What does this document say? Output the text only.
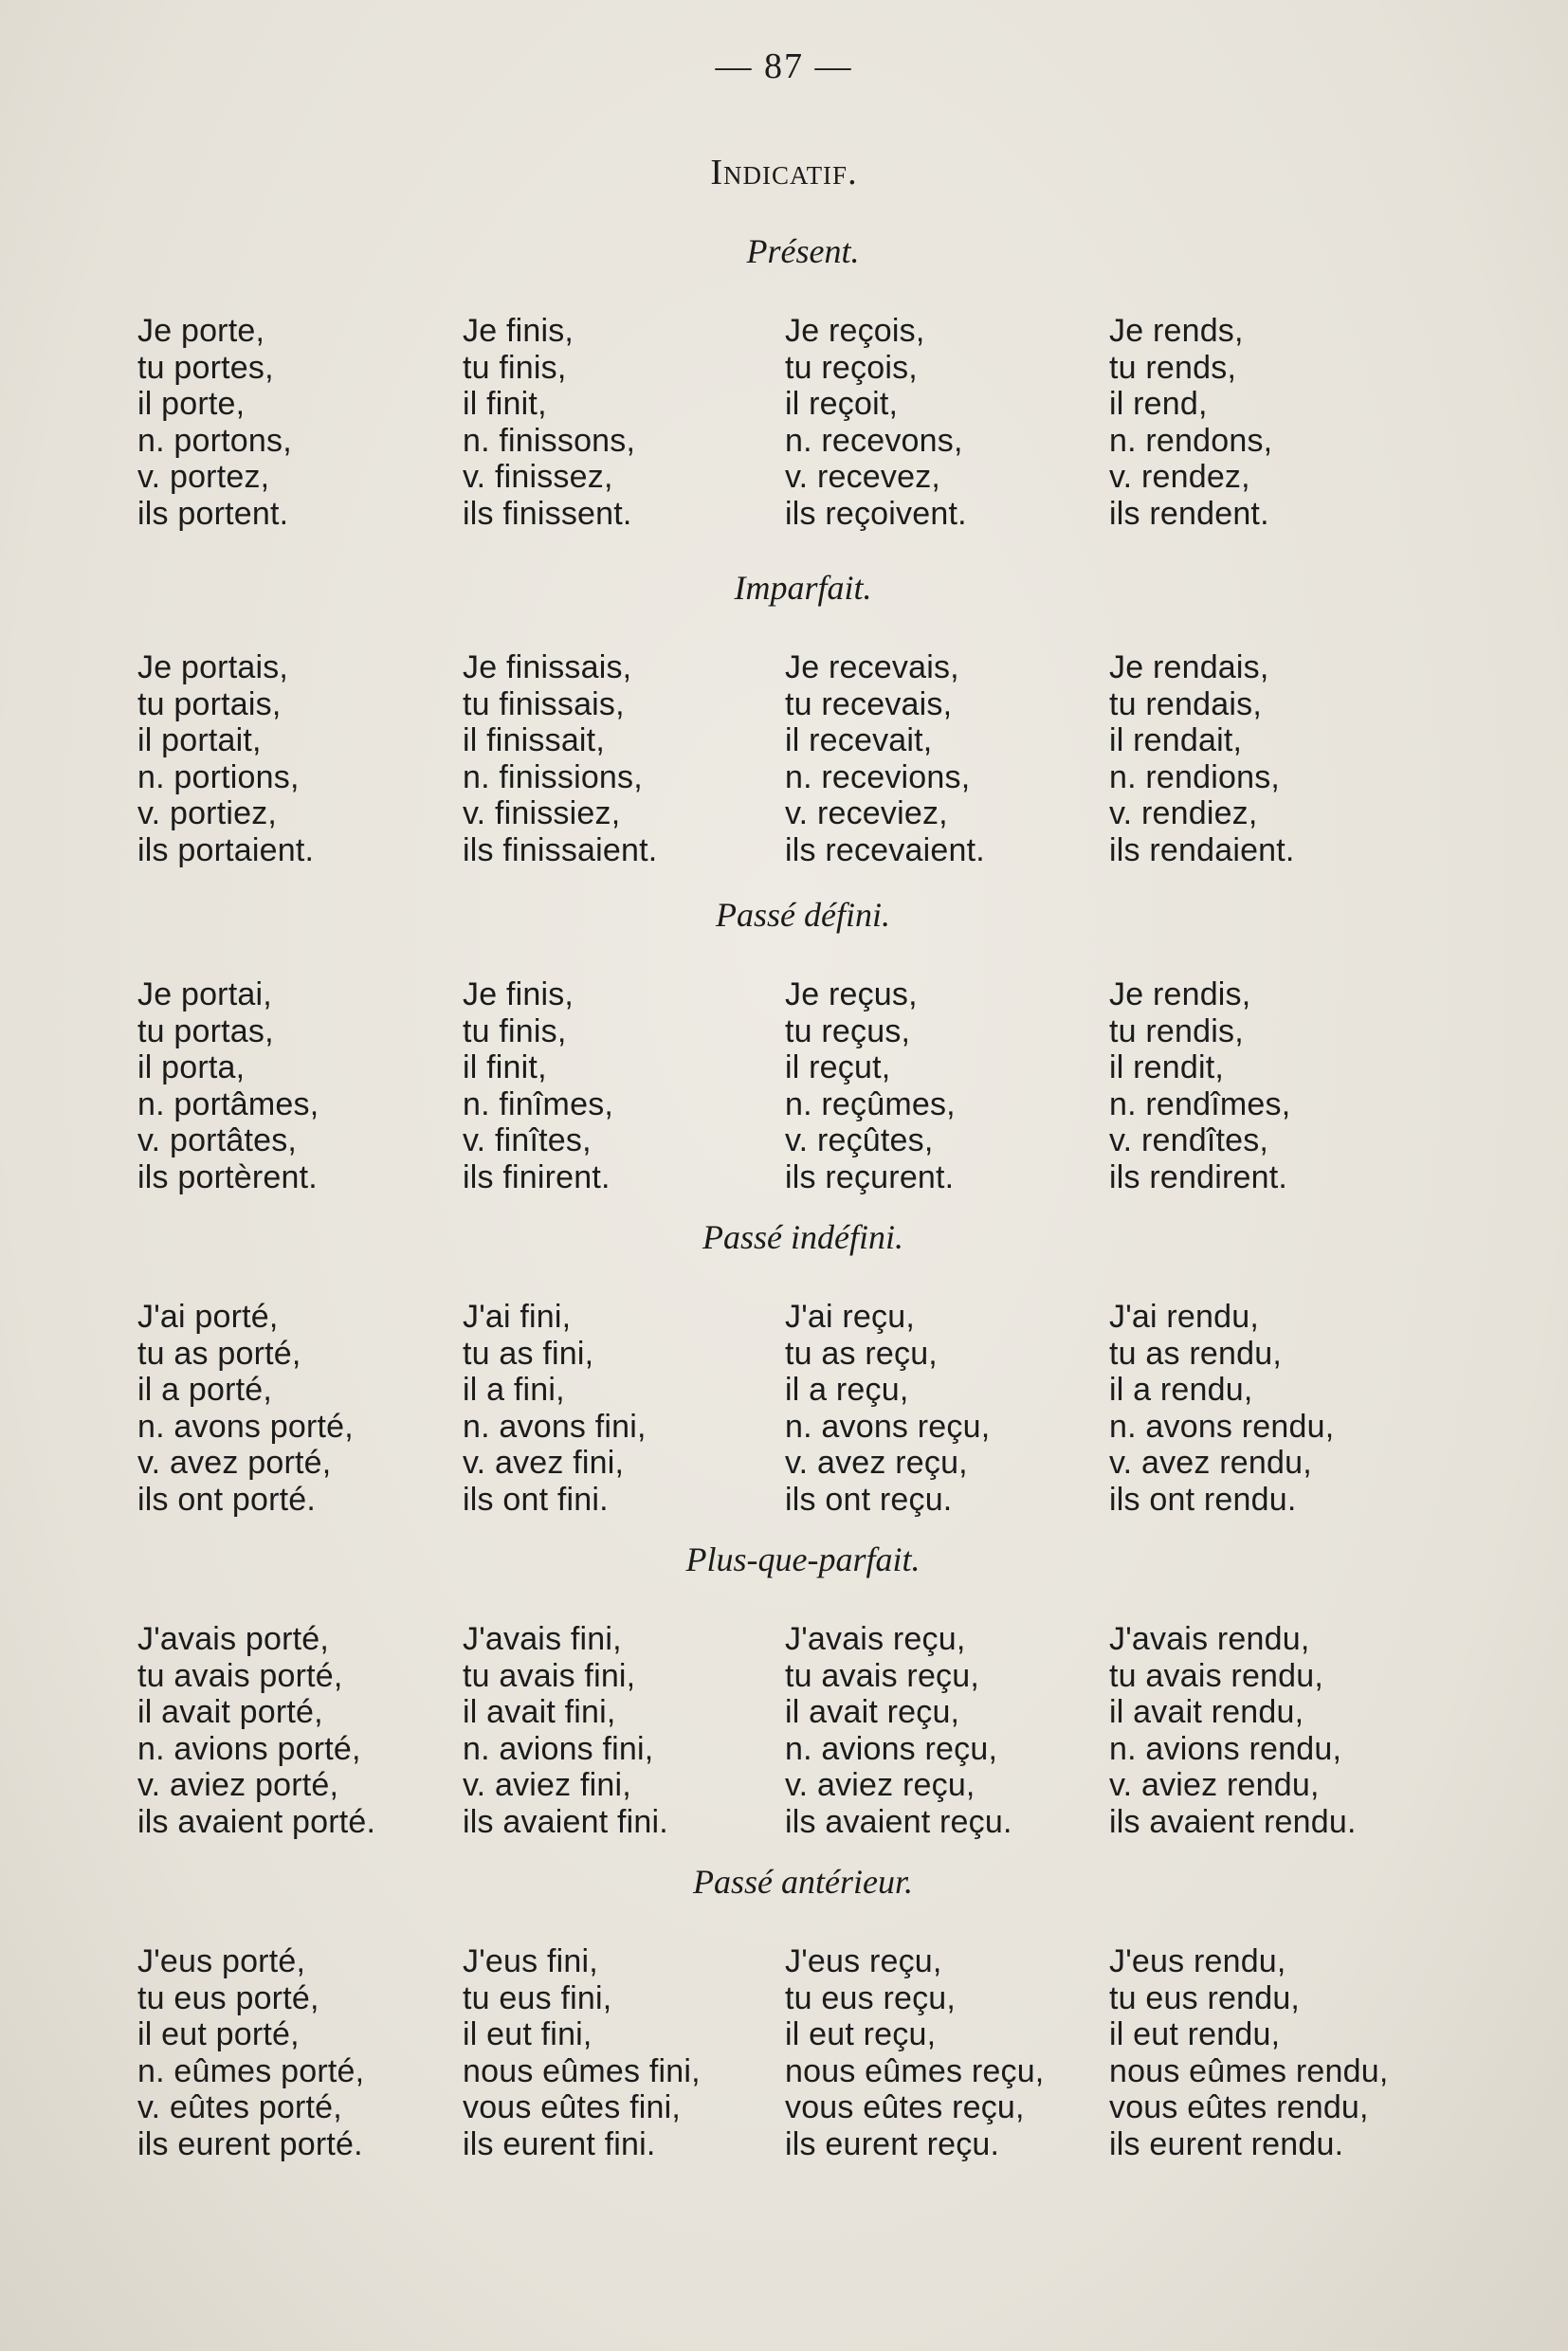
— 87 —
Indicatif.
Présent.
Je porte,
tu portes,
il porte,
n. portons,
v. portez,
ils portent.
Je finis,
tu finis,
il finit,
n. finissons,
v. finissez,
ils finissent.
Je reçois,
tu reçois,
il reçoit,
n. recevons,
v. recevez,
ils reçoivent.
Je rends,
tu rends,
il rend,
n. rendons,
v. rendez,
ils rendent.
Imparfait.
Je portais,
tu portais,
il portait,
n. portions,
v. portiez,
ils portaient.
Je finissais,
tu finissais,
il finissait,
n. finissions,
v. finissiez,
ils finissaient.
Je recevais,
tu recevais,
il recevait,
n. recevions,
v. receviez,
ils recevaient.
Je rendais,
tu rendais,
il rendait,
n. rendions,
v. rendiez,
ils rendaient.
Passé défini.
Je portai,
tu portas,
il porta,
n. portâmes,
v. portâtes,
ils portèrent.
Je finis,
tu finis,
il finit,
n. finîmes,
v. finîtes,
ils finirent.
Je reçus,
tu reçus,
il reçut,
n. reçûmes,
v. reçûtes,
ils reçurent.
Je rendis,
tu rendis,
il rendit,
n. rendîmes,
v. rendîtes,
ils rendirent.
Passé indéfini.
J'ai porté,
tu as porté,
il a porté,
n. avons porté,
v. avez porté,
ils ont porté.
J'ai fini,
tu as fini,
il a fini,
n. avons fini,
v. avez fini,
ils ont fini.
J'ai reçu,
tu as reçu,
il a reçu,
n. avons reçu,
v. avez reçu,
ils ont reçu.
J'ai rendu,
tu as rendu,
il a rendu,
n. avons rendu,
v. avez rendu,
ils ont rendu.
Plus-que-parfait.
J'avais porté,
tu avais porté,
il avait porté,
n. avions porté,
v. aviez porté,
ils avaient porté.
J'avais fini,
tu avais fini,
il avait fini,
n. avions fini,
v. aviez fini,
ils avaient fini.
J'avais reçu,
tu avais reçu,
il avait reçu,
n. avions reçu,
v. aviez reçu,
ils avaient reçu.
J'avais rendu,
tu avais rendu,
il avait rendu,
n. avions rendu,
v. aviez rendu,
ils avaient rendu.
Passé antérieur.
J'eus porté,
tu eus porté,
il eut porté,
n. eûmes porté,
v. eûtes porté,
ils eurent porté.
J'eus fini,
tu eus fini,
il eut fini,
nous eûmes fini,
vous eûtes fini,
ils eurent fini.
J'eus reçu,
tu eus reçu,
il eut reçu,
nous eûmes reçu,
vous eûtes reçu,
ils eurent reçu.
J'eus rendu,
tu eus rendu,
il eut rendu,
nous eûmes rendu,
vous eûtes rendu,
ils eurent rendu.
